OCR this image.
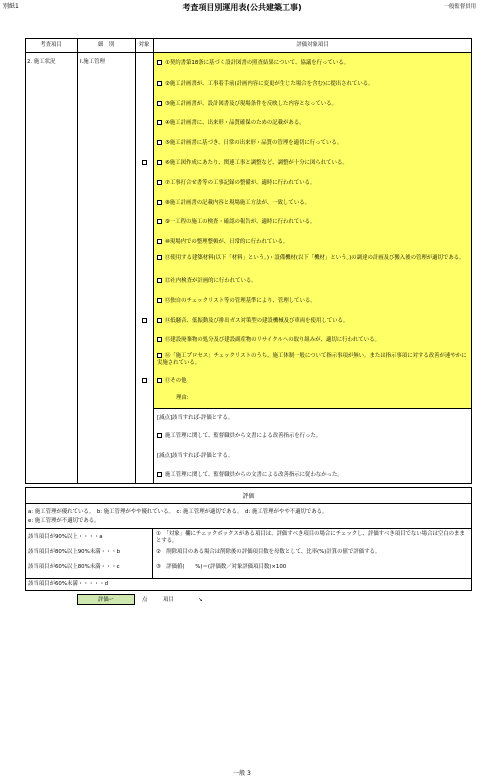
別紙1	考査項目別運用表(公共建築工事)	一般監督員用
考査項目	細　別	対象	評価対象項目
2. 施工状況	Ⅰ.施工管理	①契約書第18条に基づく設計図書の照査結果について、協議を行っている。
②施工計画書が、工事着手前(計画内容に変更が生じた場合を含む)に提出されている。
③施工計画書が、設計図書及び現場条件を反映した内容となっている。
④施工計画書に、出来形・品質確保のための記載がある。
⑤施工計画書に基づき、日常の出来形・品質の管理を適切に行っている。
⑥施工図作成にあたり、関連工事と調整など、調整が十分に図られている。
⑦工事打合せ書等の工事記録の整備が、適時に行われている。
⑧施工計画書の記載内容と現場施工方法が、一致している。
⑨一工程の施工の検査・確認の報告が、適時に行われている。
⑩現場内での整理整頓が、日常的に行われている。
⑪使用する建築材料(以下「材料」という。)・設備機材(以下「機材」という。)の調達の計画及び搬入後の管理が適切である。
⑫社内検査が計画的に行われている。
⑬独自のチェックリスト等の管理基準により、管理している。
⑭低騒音、低振動及び排出ガス対策型の建設機械及び車両を使用している。
⑮建設廃棄物の処分及び建設副産物のリサイクルへの取り組みが、適切に行われている。
⑯「施工プロセス」チェックリストのうち、施工体制一般について指示事項が無い。または指示事項に対する改善が速やかに実施されている。
⑰その他
理由:
[減点]該当すれば-評価とする。
施工管理に関して、監督職員から文書による改善指示を行った。
[減点]該当すれば-評価とする。
施工管理に関して、監督職員からの文書による改善指示に従わなかった。
評価
a: 施工管理が優れている。　b: 施工管理がやや優れている。　c: 施工管理が適切である。　d: 施工管理がやや不適切である。
e: 施工管理が不適切である。
該当項目が90%以上・・・・a
該当項目が80%以上90%未満・・・b
該当項目が60%以上80%未満・・・c
該当項目が60%未満・・・・・d
①　「対象」欄にチェックボックスがある項目は、評価すべき項目の場合にチェックし、評価すべき項目でない場合は空白のままとする。
②　削除項目のある場合は削除後の評価項目数を母数として、比率(%)計算の値で評価する。
③　評価値(　　%)＝(評価数／対象評価項目数)×100
評価ー	点	項目	↘
一般 3
